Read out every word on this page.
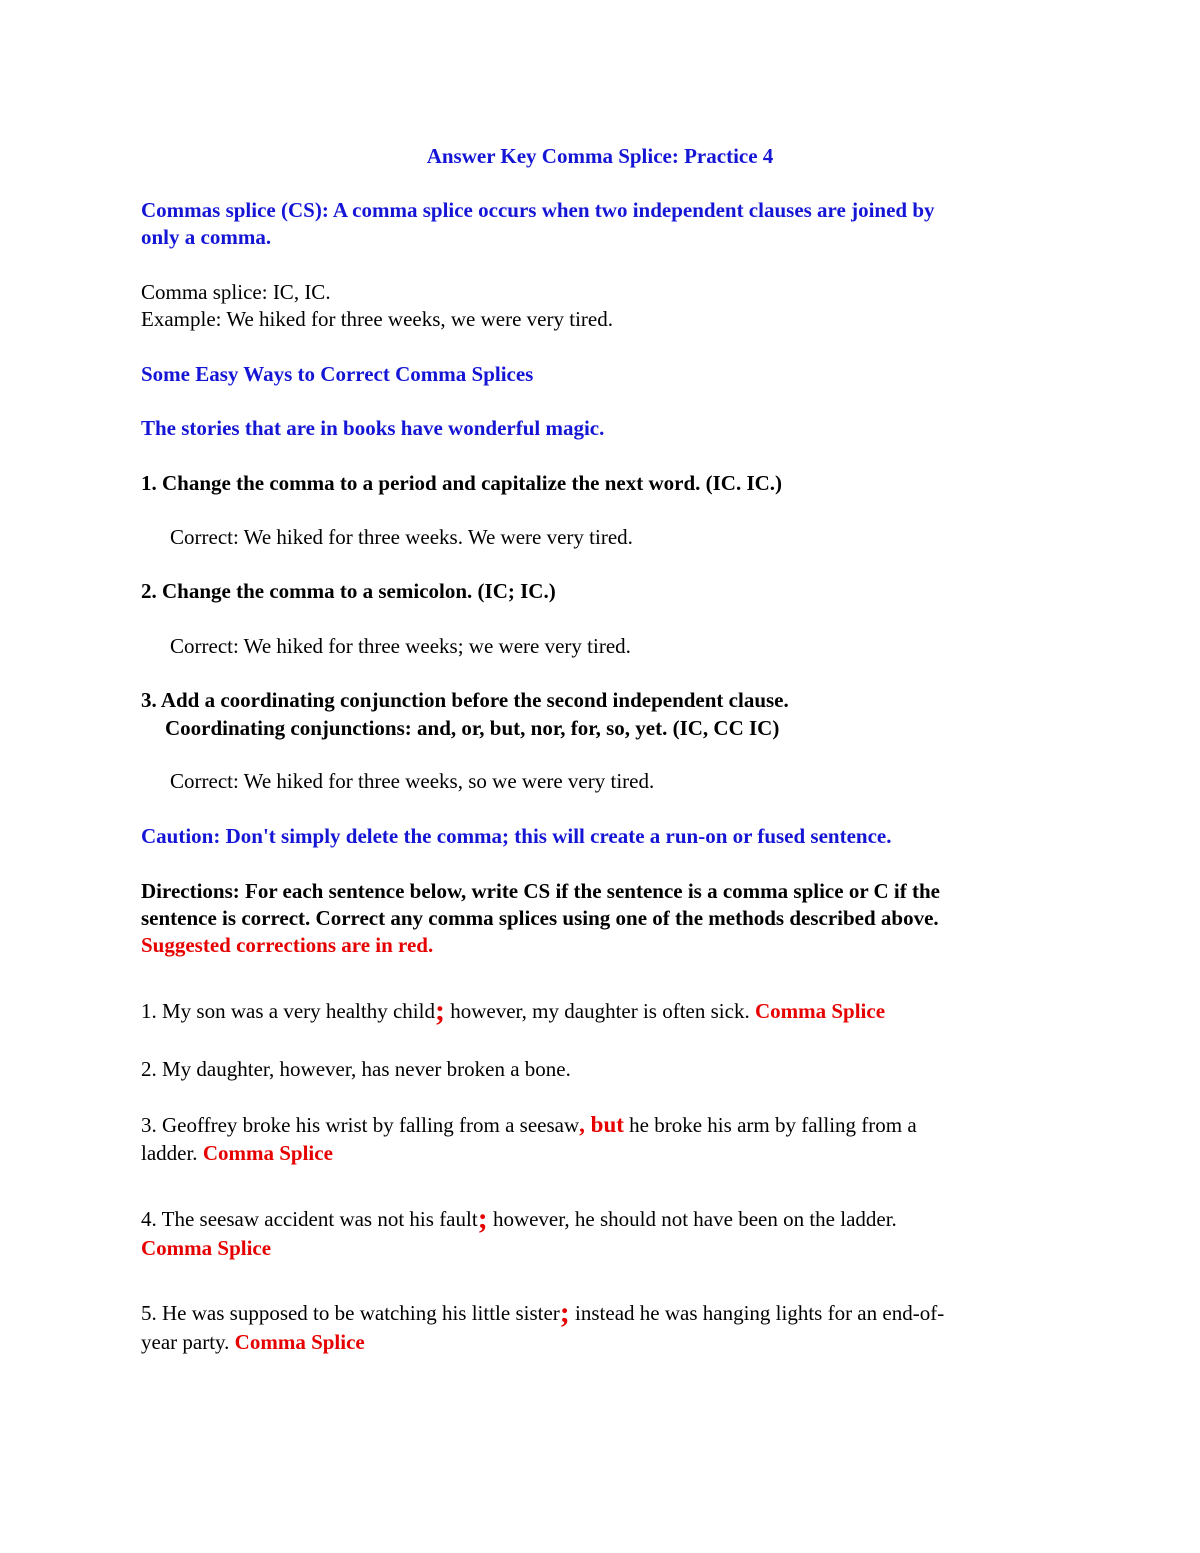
Answer Key Comma Splice: Practice 4
Commas splice (CS): A comma splice occurs when two independent clauses are joined by
only a comma.
Comma splice: IC, IC.
Example: We hiked for three weeks, we were very tired.
Some Easy Ways to Correct Comma Splices
The stories that are in books have wonderful magic.
1. Change the comma to a period and capitalize the next word. (IC. IC.)
Correct: We hiked for three weeks. We were very tired.
2. Change the comma to a semicolon. (IC; IC.)
Correct: We hiked for three weeks; we were very tired.
3. Add a coordinating conjunction before the second independent clause.
Coordinating conjunctions: and, or, but, nor, for, so, yet. (IC, CC IC)
Correct: We hiked for three weeks, so we were very tired.
Caution: Don't simply delete the comma; this will create a run-on or fused sentence.
Directions: For each sentence below, write CS if the sentence is a comma splice or C if the
sentence is correct. Correct any comma splices using one of the methods described above.
Suggested corrections are in red.
1. My son was a very healthy child; however, my daughter is often sick. Comma Splice
2. My daughter, however, has never broken a bone.
3. Geoffrey broke his wrist by falling from a seesaw, but he broke his arm by falling from a
ladder. Comma Splice
4. The seesaw accident was not his fault; however, he should not have been on the ladder.
Comma Splice
5. He was supposed to be watching his little sister; instead he was hanging lights for an end-of-
year party. Comma Splice
